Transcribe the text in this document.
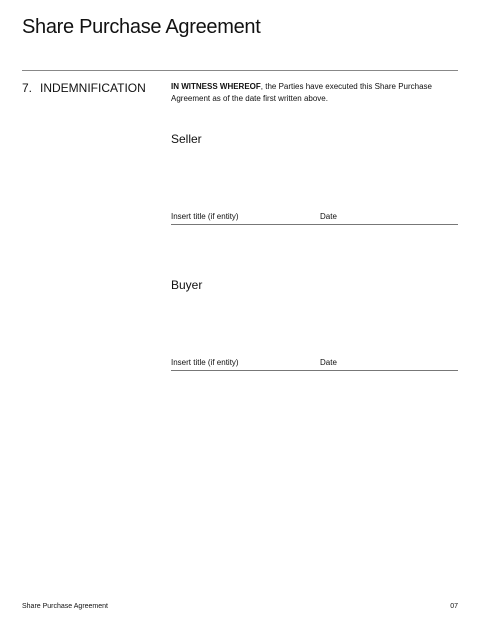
Share Purchase Agreement
7. INDEMNIFICATION	IN WITNESS WHEREOF, the Parties have executed this Share Purchase Agreement as of the date first written above.
Seller
Insert title (if entity)	Date
Buyer
Insert title (if entity)	Date
Share Purchase Agreement	07
